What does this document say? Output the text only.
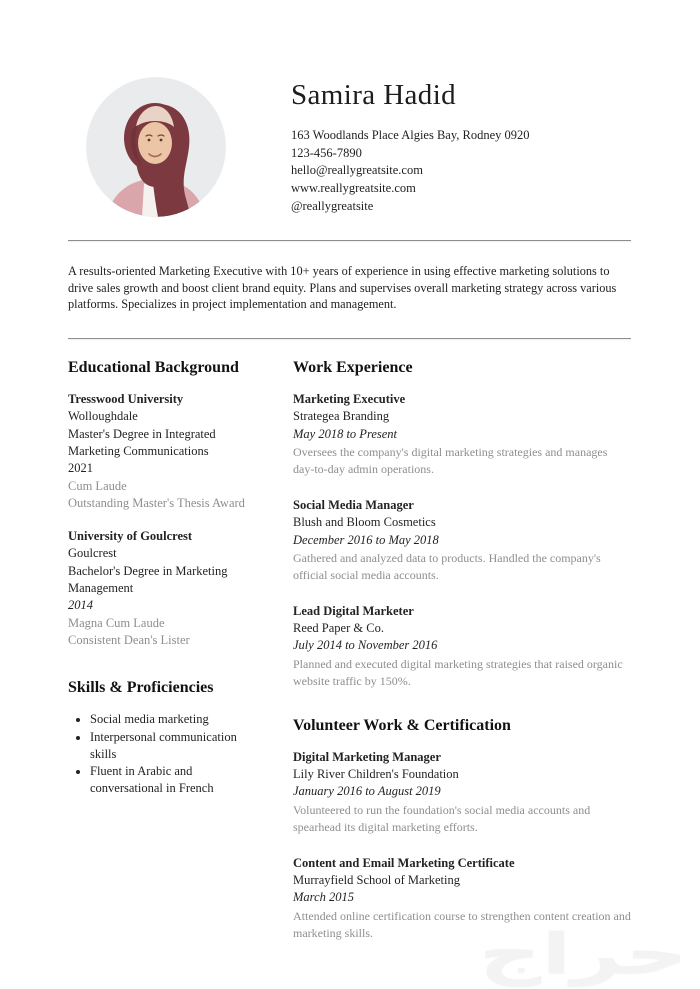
Samira Hadid
163 Woodlands Place Algies Bay, Rodney 0920
123-456-7890
hello@reallygreatsite.com
www.reallygreatsite.com
@reallygreatsite

A results-oriented Marketing Executive with 10+ years of experience in using effective marketing solutions to drive sales growth and boost client brand equity. Plans and supervises overall marketing strategy across various platforms. Specializes in project implementation and management.

Educational Background
Tresswood University
Wolloughdale
Master's Degree in Integrated Marketing Communications
2021
Cum Laude
Outstanding Master's Thesis Award
University of Goulcrest
Goulcrest
Bachelor's Degree in Marketing Management
2014
Magna Cum Laude
Consistent Dean's Lister
Skills & Proficiencies
• Social media marketing
• Interpersonal communication skills
• Fluent in Arabic and conversational in French
Work Experience
Marketing Executive
Strategea Branding
May 2018 to Present
Oversees the company's digital marketing strategies and manages day-to-day admin operations.
Social Media Manager
Blush and Bloom Cosmetics
December 2016 to May 2018
Gathered and analyzed data to products. Handled the company's official social media accounts.
Lead Digital Marketer
Reed Paper & Co.
July 2014 to November 2016
Planned and executed digital marketing strategies that raised organic website traffic by 150%.
Volunteer Work & Certification
Digital Marketing Manager
Lily River Children's Foundation
January 2016 to August 2019
Volunteered to run the foundation's social media accounts and spearhead its digital marketing efforts.
Content and Email Marketing Certificate
Murrayfield School of Marketing
March 2015
Attended online certification course to strengthen content creation and marketing skills.	حراج
